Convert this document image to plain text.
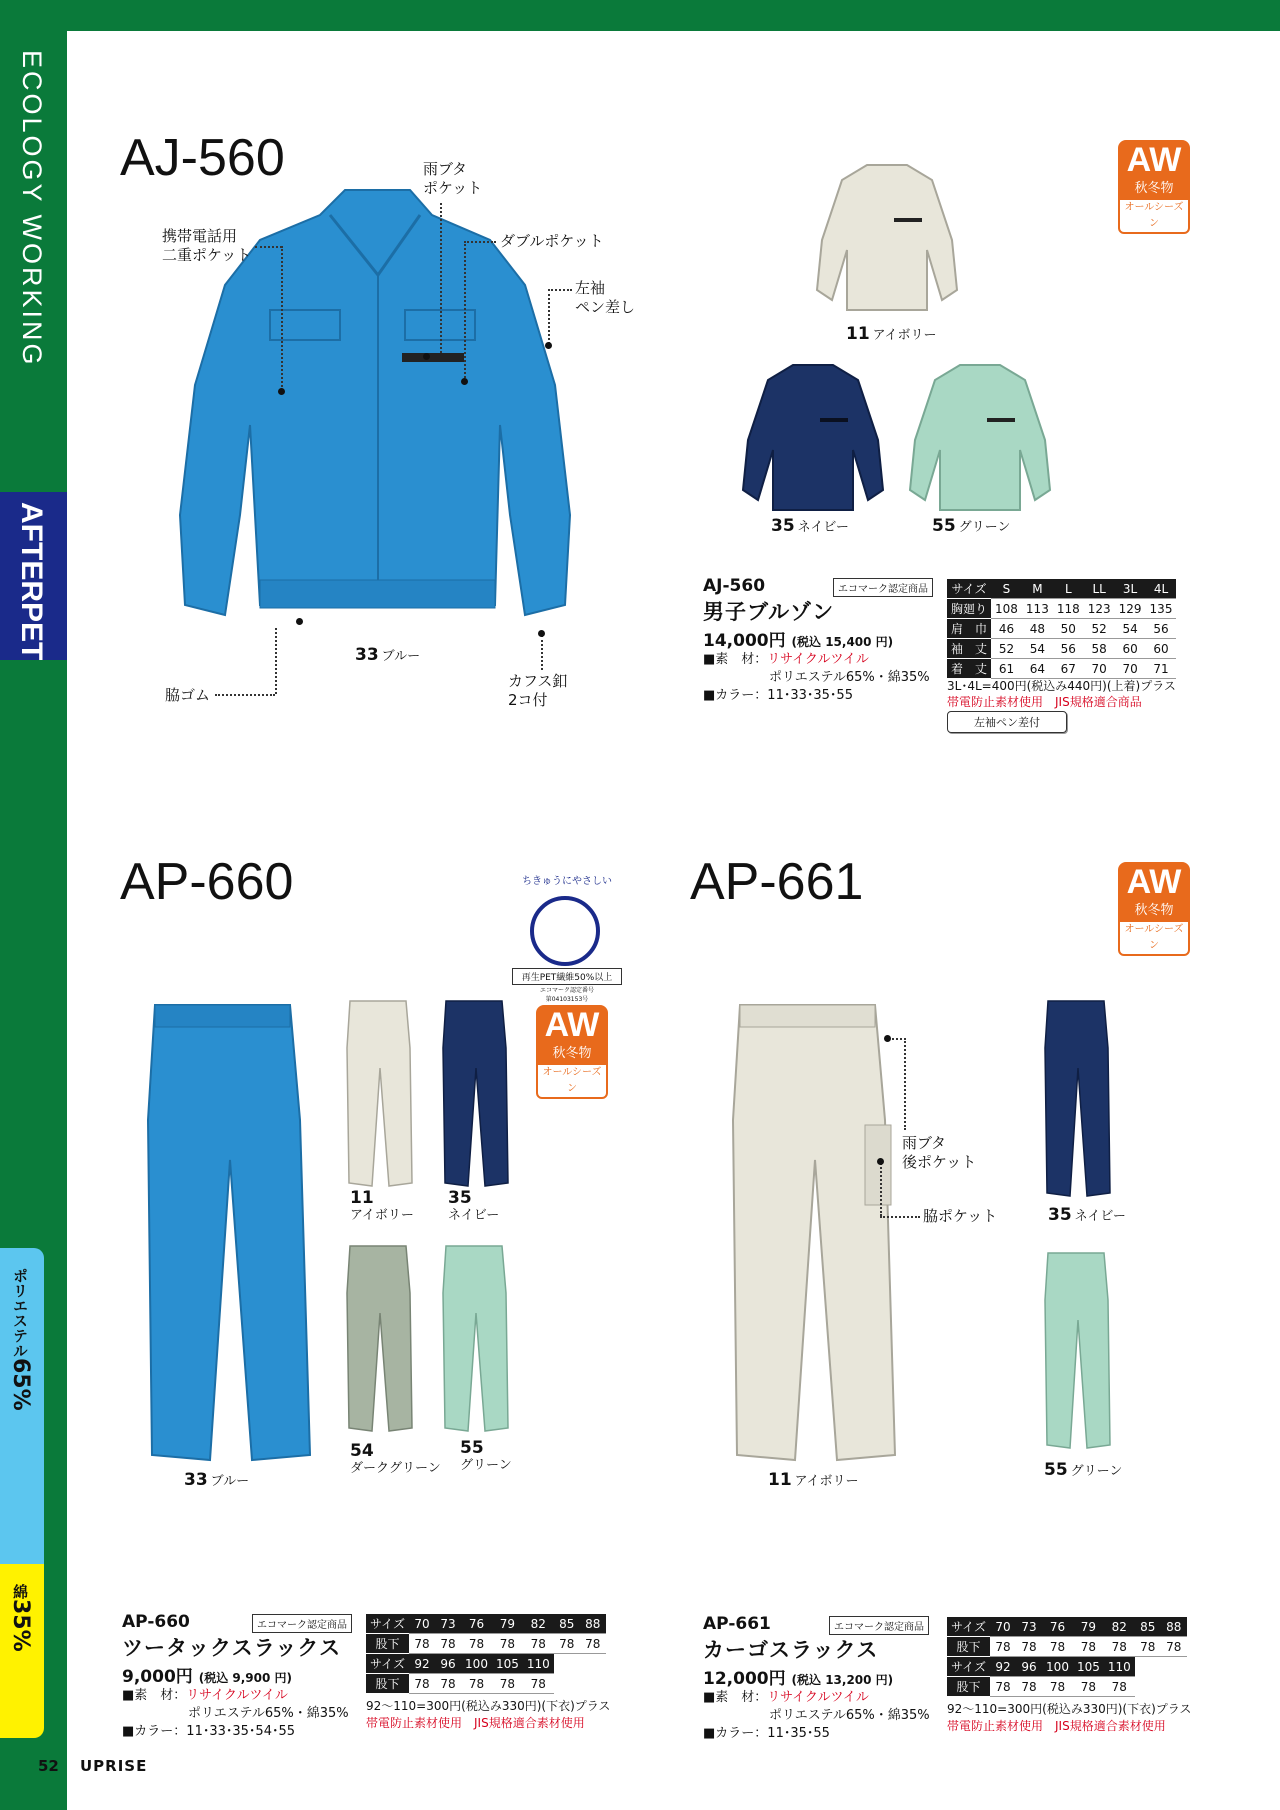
ECOLOGY WORKING
AFTERPET
ポリエステル65%
綿35%
52 UPRISE
AJ-560	雨ブタ
ポケット
携帯電話用
二重ポケット
ダブルポケット
左袖
ペン差し
脇ゴム
カフス釦
2コ付
33 ブルー
11 アイボリー
35 ネイビー	55 グリーン
AW
秋冬物
オールシーズン
AJ-560	エコマーク認定商品
男子ブルゾン
14,000円 (税込 15,400 円)
■素　材：リサイクルツイル
ポリエステル65%・綿35%
■カラー：11･33･35･55
サイズ	S	M	L	LL	3L	4L
胸廻り	108	113	118	123	129	135
肩　巾	46	48	50	52	54	56
袖　丈	52	54	56	58	60	60
着　丈	61	64	67	70	70	71
3L･4L=400円(税込み440円)(上着)プラス
帯電防止素材使用　JIS規格適合商品
左袖ペン差付
AP-660	ちきゅうにやさしい
再生PET繊維50%以上
エコマーク認定番号
第04103153号
AW
秋冬物
オールシーズン
33 ブルー
11
アイボリー
35
ネイビー
54
ダークグリーン
55
グリーン
AP-660	エコマーク認定商品
ツータックスラックス
9,000円 (税込 9,900 円)
■素　材：リサイクルツイル
ポリエステル65%・綿35%
■カラー：11･33･35･54･55
サイズ	70	73	76	79	82	85	88
股下	78	78	78	78	78	78	78
サイズ	92	96	100	105	110		
股下	78	78	78	78	78		
92～110=300円(税込み330円)(下衣)プラス
帯電防止素材使用　JIS規格適合素材使用
AP-661	AW
秋冬物
オールシーズン
11 アイボリー
雨ブタ
後ポケット
脇ポケット	35 ネイビー
55 グリーン
AP-661	エコマーク認定商品
カーゴスラックス
12,000円 (税込 13,200 円)
■素　材：リサイクルツイル
ポリエステル65%・綿35%
■カラー：11･35･55
サイズ	70	73	76	79	82	85	88
股下	78	78	78	78	78	78	78
サイズ	92	96	100	105	110		
股下	78	78	78	78	78		
92～110=300円(税込み330円)(下衣)プラス
帯電防止素材使用　JIS規格適合素材使用
